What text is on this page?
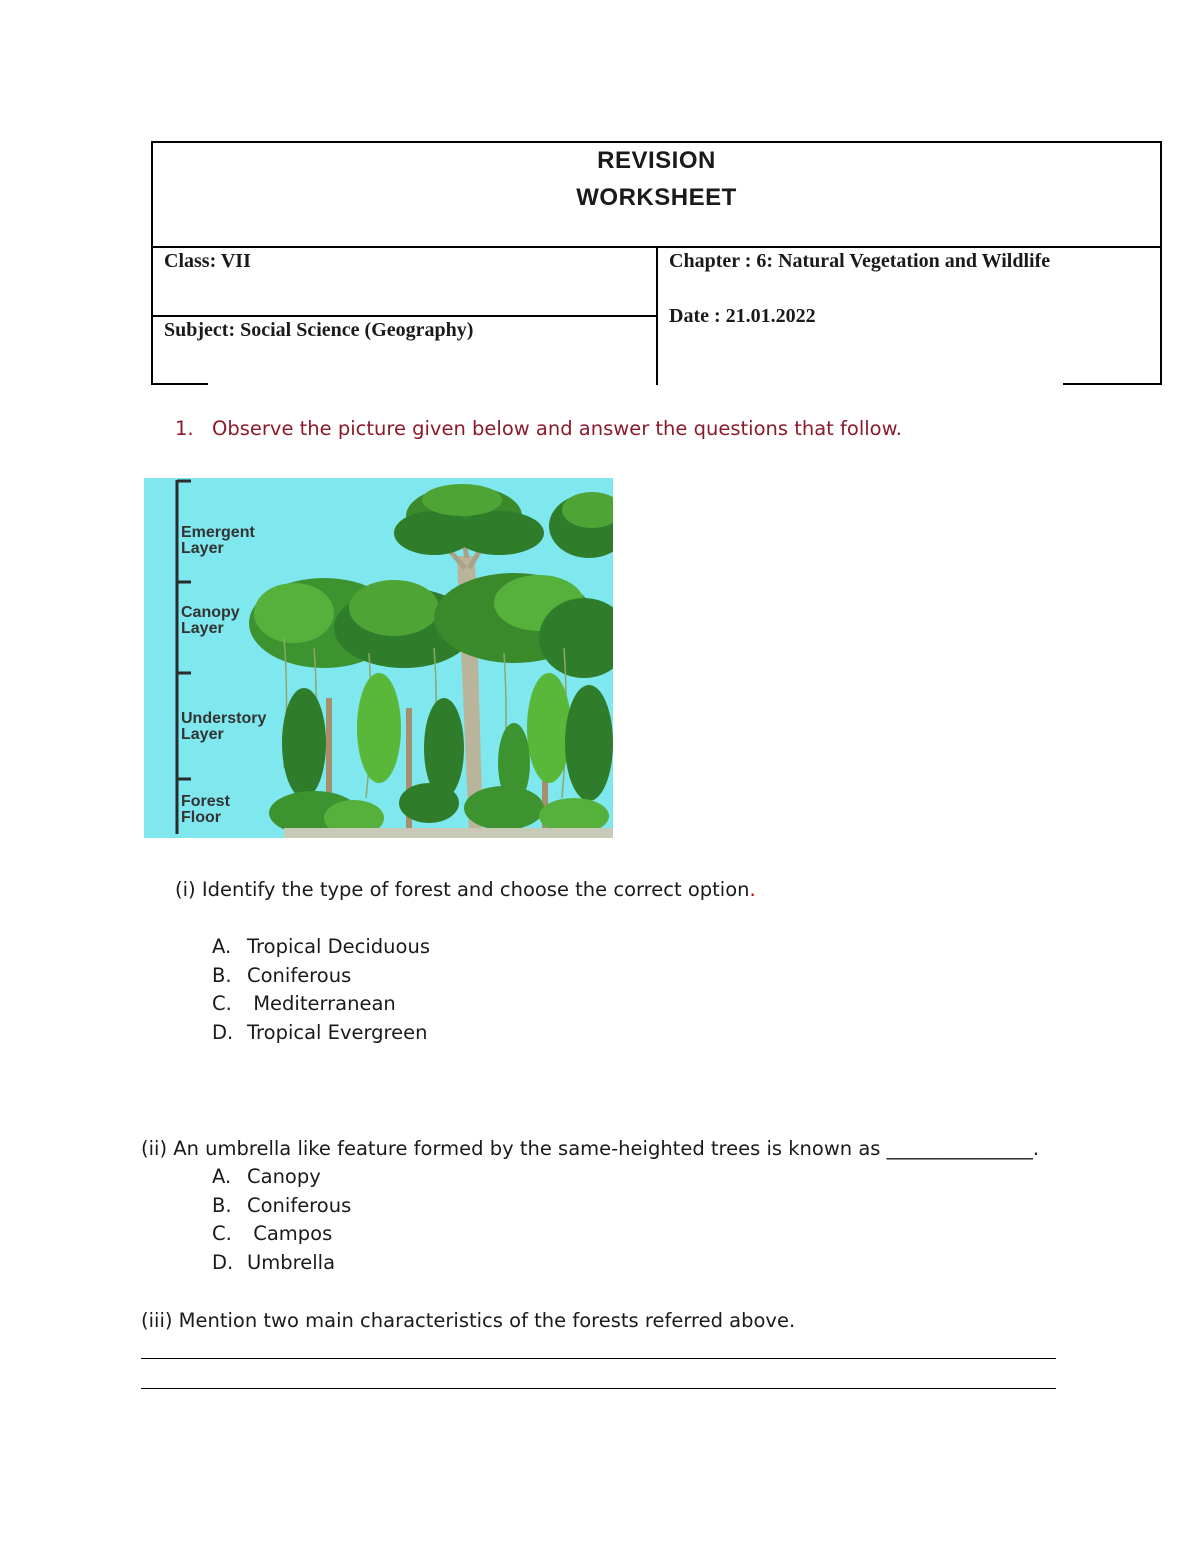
REVISION
WORKSHEET
Class: VII
Subject: Social Science (Geography)
Chapter : 6: Natural Vegetation and Wildlife
Date : 21.01.2022
1. Observe the picture given below and answer the questions that follow.
Emergent
Layer
Canopy
Layer
Understory
Layer
Forest
Floor
(i) Identify the type of forest and choose the correct option.
A. Tropical Deciduous
B. Coniferous
C. Mediterranean
D. Tropical Evergreen
(ii) An umbrella like feature formed by the same-heighted trees is known as _______________.
A. Canopy
B. Coniferous
C. Campos
D. Umbrella
(iii) Mention two main characteristics of the forests referred above.
